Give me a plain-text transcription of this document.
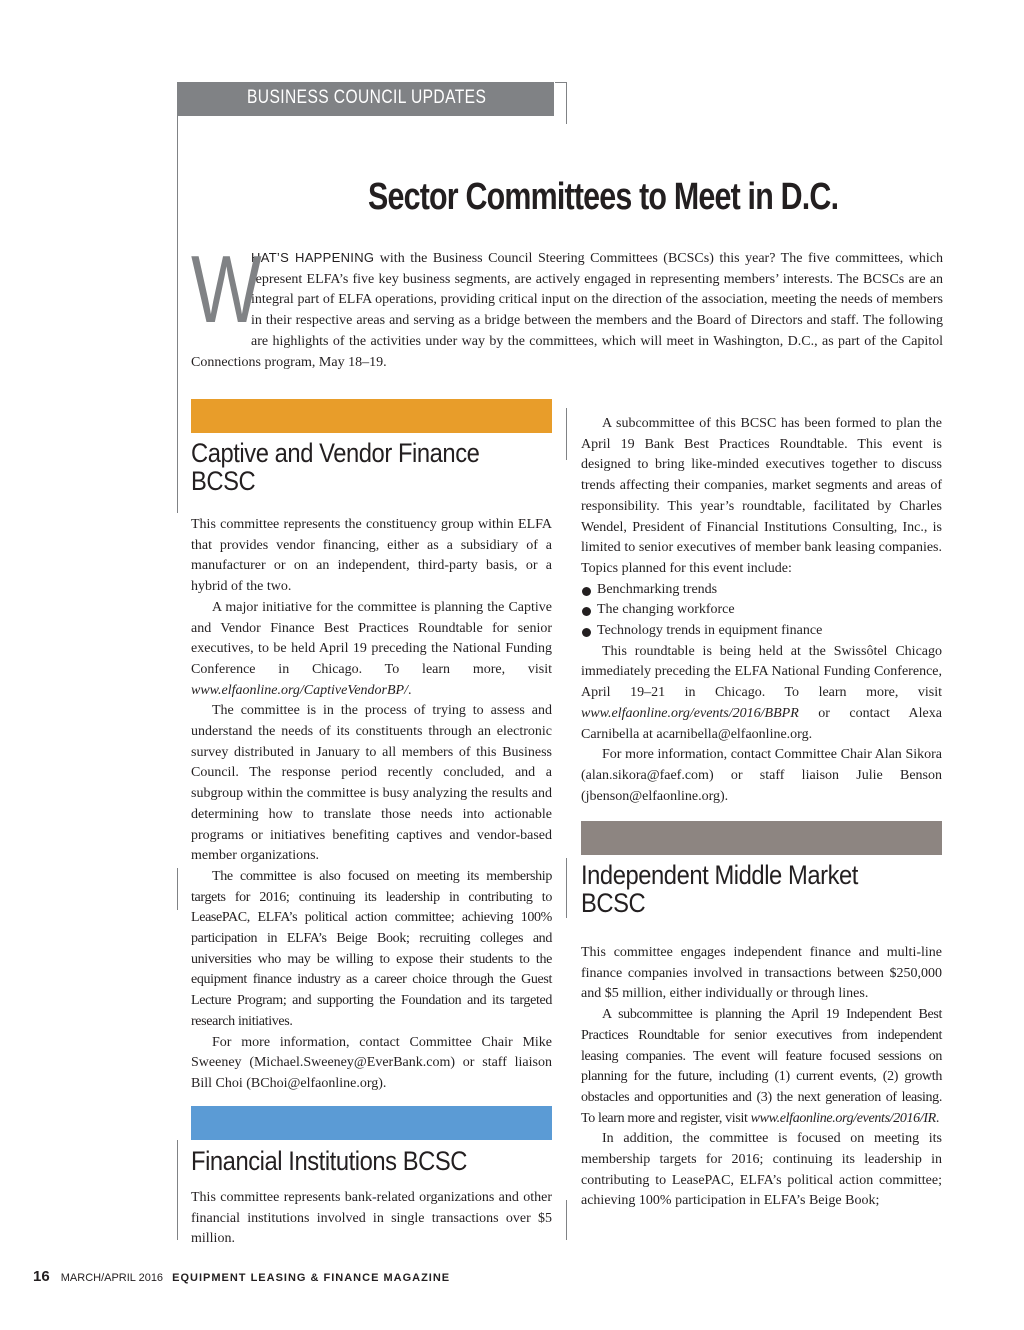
BUSINESS COUNCIL UPDATES
Sector Committees to Meet in D.C.
W
HAT’S HAPPENING with the Business Council Steering Committees (BCSCs) this year? The five committees, which represent ELFA’s five key business segments, are actively engaged in representing members’ interests. The BCSCs are an integral part of ELFA operations, providing critical input on the direction of the association, meeting the needs of members in their respective areas and serving as a bridge between the members and the Board of Directors and staff. The following are highlights of the activities under way by the committees, which will meet in Washington, D.C., as part of the Capitol Connections program, May 18–19.
Captive and Vendor Finance BCSC
Financial Institutions BCSC
Independent Middle Market BCSC

This committee represents the constituency group within ELFA that provides vendor financing, either as a subsidiary of a manufacturer or on an independent, third-party basis, or a hybrid of the two.

A major initiative for the committee is planning the Captive and Vendor Finance Best Practices Roundtable for senior executives, to be held April 19 preceding the National Funding Conference in Chicago. To learn more, visit www.elfaonline.org/CaptiveVendorBP/.

The committee is in the process of trying to assess and understand the needs of its constituents through an electronic survey distributed in January to all members of this Business Council. The response period recently concluded, and a subgroup within the committee is busy analyzing the results and determining how to translate those needs into actionable programs or initiatives benefiting captives and vendor-based member organizations.

The committee is also focused on meeting its membership targets for 2016; continuing its leadership in contributing to LeasePAC, ELFA’s political action committee; achieving 100% participation in ELFA’s Beige Book; recruiting colleges and universities who may be willing to expose their students to the equipment finance industry as a career choice through the Guest Lecture Program; and supporting the Foundation and its targeted research initiatives.

For more information, contact Committee Chair Mike Sweeney (Michael.Sweeney@EverBank.com) or staff liaison Bill Choi (BChoi@elfaonline.org).

This committee represents bank-related organizations and other financial institutions involved in single transactions over $5 million.

A subcommittee of this BCSC has been formed to plan the April 19 Bank Best Practices Roundtable. This event is designed to bring like-minded executives together to discuss trends affecting their companies, market segments and areas of responsibility. This year’s roundtable, facilitated by Charles Wendel, President of Financial Institutions Consulting, Inc., is limited to senior executives of member bank leasing companies. Topics planned for this event include:

Benchmarking trends
The changing workforce
Technology trends in equipment finance

This roundtable is being held at the Swissôtel Chicago immediately preceding the ELFA National Funding Conference, April 19–21 in Chicago. To learn more, visit www.elfaonline.org/events/2016/BBPR or contact Alexa Carnibella at acarnibella@elfaonline.org.

For more information, contact Committee Chair Alan Sikora (alan.sikora@faef.com) or staff liaison Julie Benson (jbenson@elfaonline.org).

This committee engages independent finance and multi-line finance companies involved in transactions between $250,000 and $5 million, either individually or through lines.

A subcommittee is planning the April 19 Independent Best Practices Roundtable for senior executives from independent leasing companies. The event will feature focused sessions on planning for the future, including (1) current events, (2) growth obstacles and opportunities and (3) the next generation of leasing. To learn more and register, visit www.elfaonline.org/events/2016/IR.

In addition, the committee is focused on meeting its membership targets for 2016; continuing its leadership in contributing to LeasePAC, ELFA’s political action committee; achieving 100% participation in ELFA’s Beige Book;

16 MARCH/APRIL 2016 EQUIPMENT LEASING & FINANCE MAGAZINE
